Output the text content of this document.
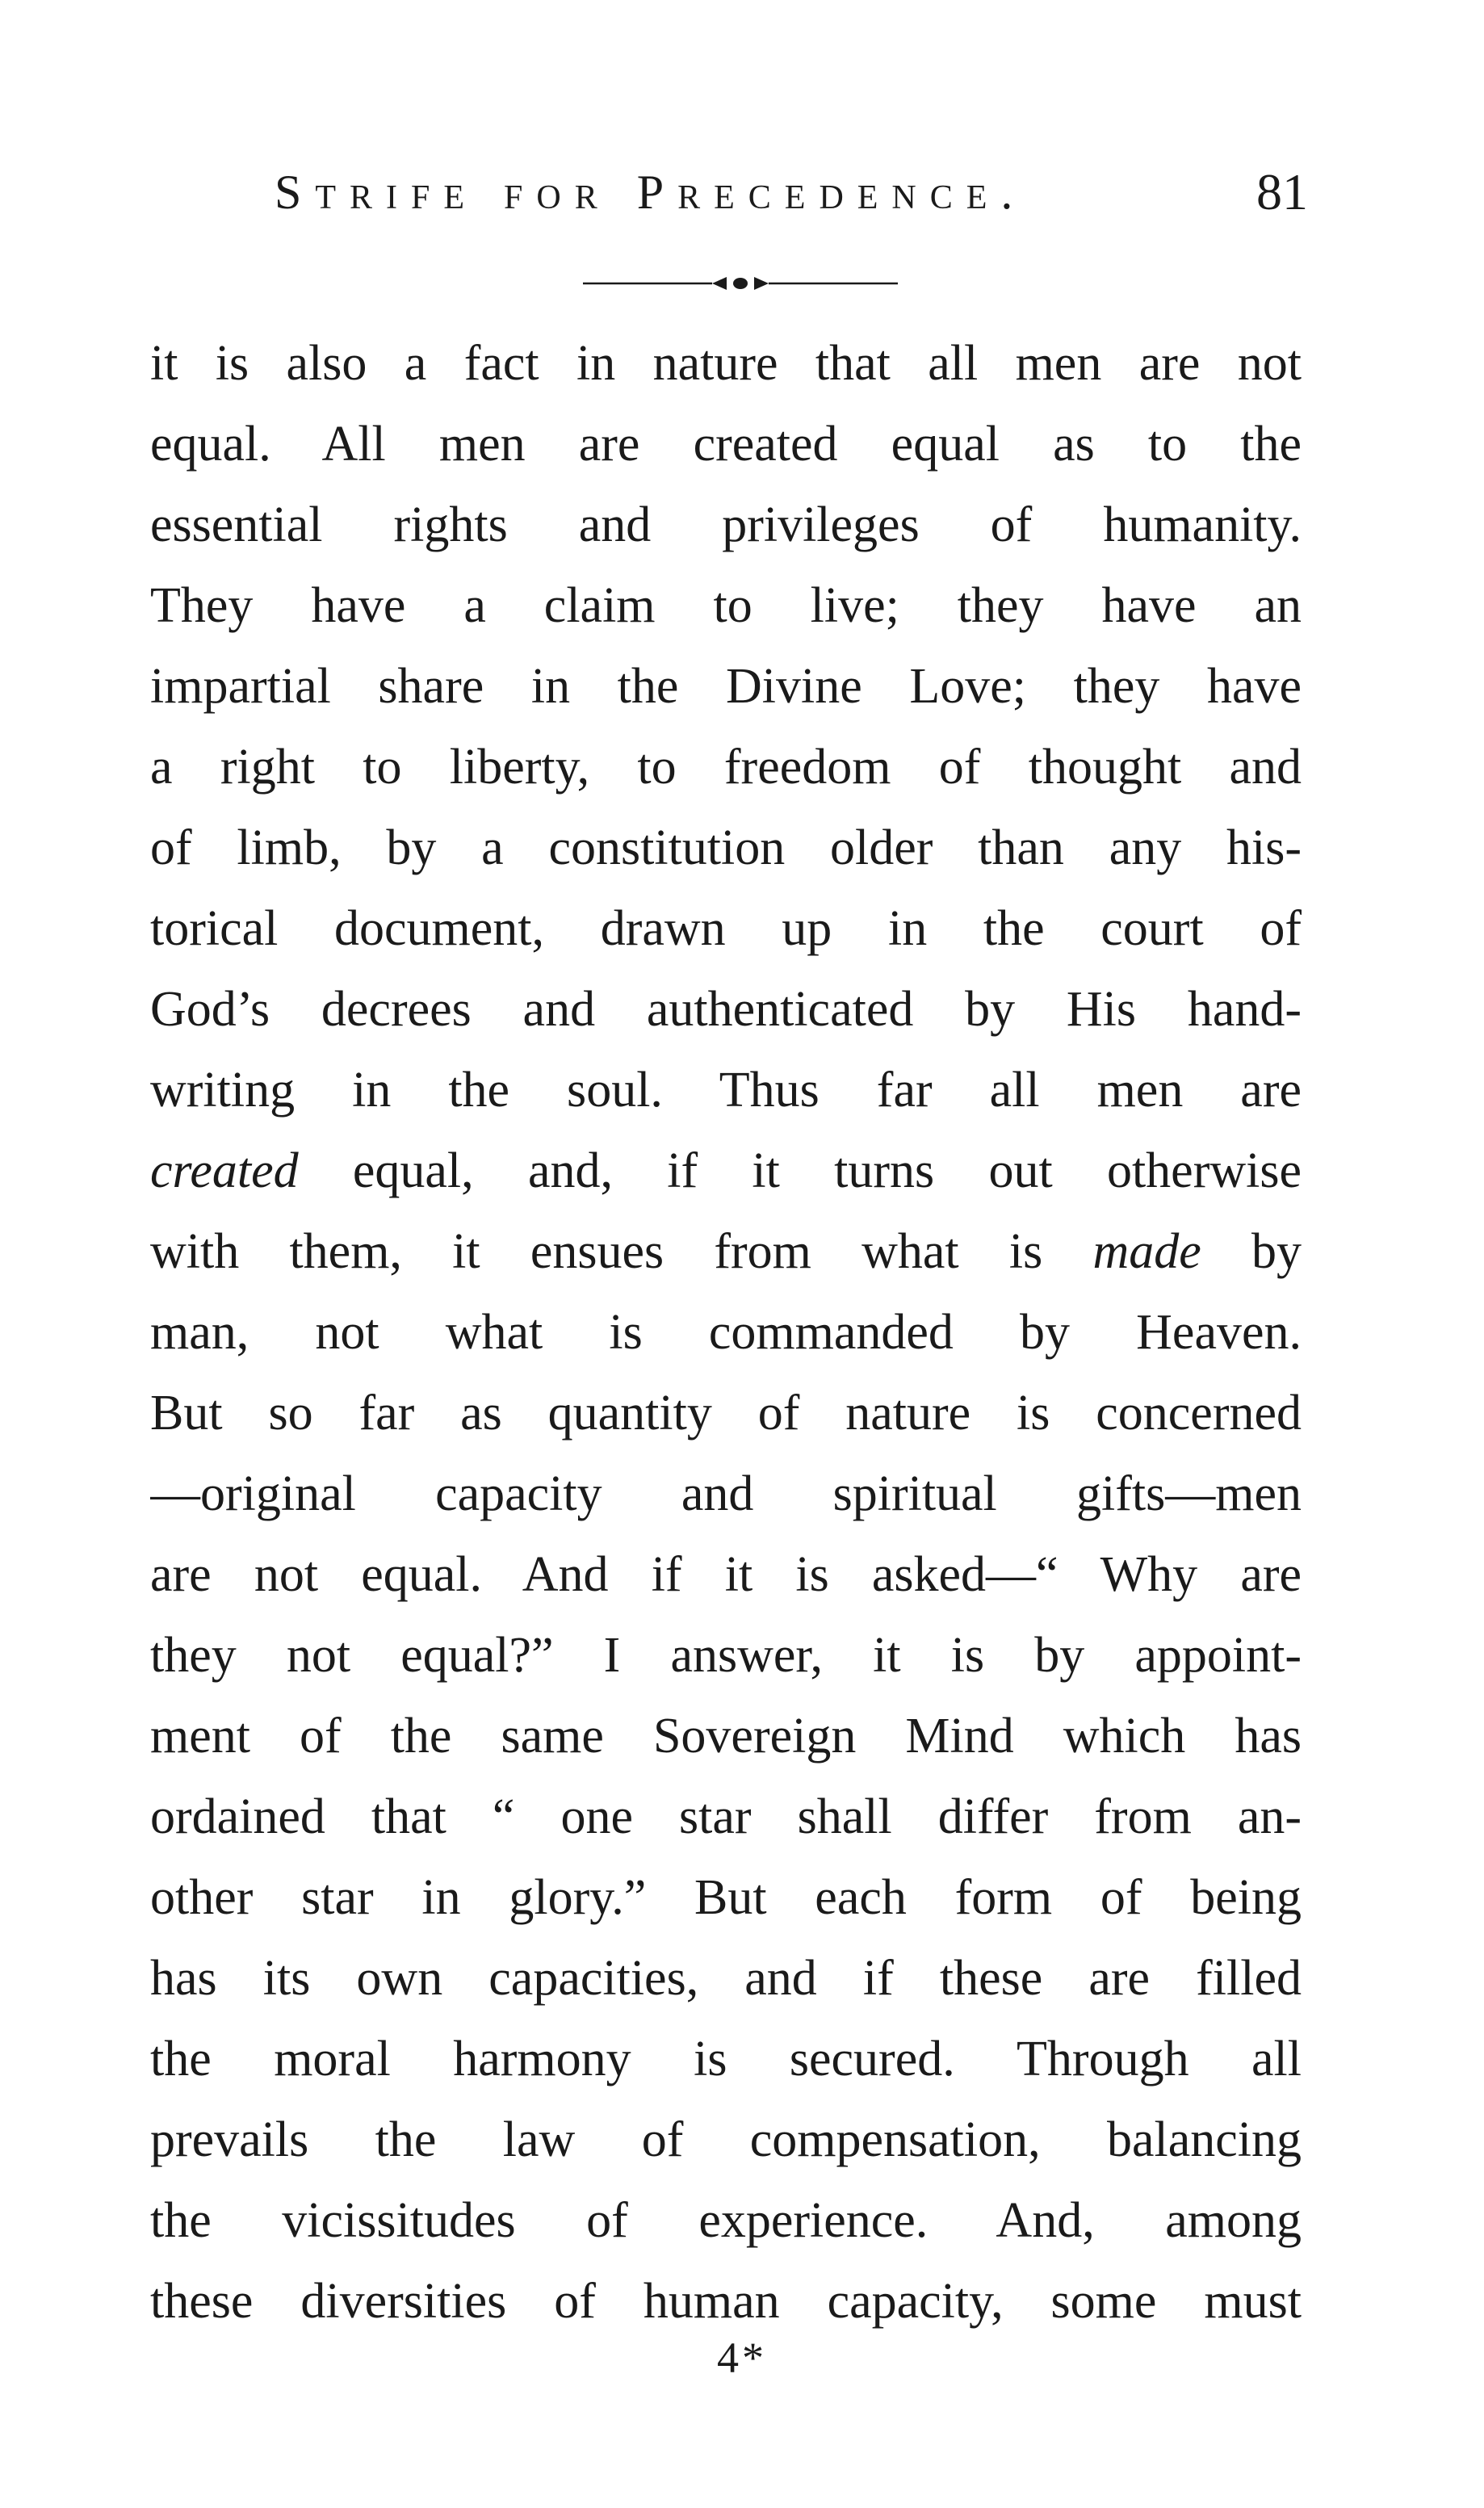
Strife for Precedence.	81
it is also a fact in nature that all men are not
equal. All men are created equal as to the
essential rights and privileges of humanity.
They have a claim to live; they have an
impartial share in the Divine Love; they have
a right to liberty, to freedom of thought and
of limb, by a constitution older than any his-
torical document, drawn up in the court of
God’s decrees and authenticated by His hand-
writing in the soul. Thus far all men are
created equal, and, if it turns out otherwise
with them, it ensues from what is made by
man, not what is commanded by Heaven.
But so far as quantity of nature is concerned
—original capacity and spiritual gifts—men
are not equal. And if it is asked—“ Why are
they not equal?” I answer, it is by appoint-
ment of the same Sovereign Mind which has
ordained that “ one star shall differ from an-
other star in glory.” But each form of being
has its own capacities, and if these are filled
the moral harmony is secured. Through all
prevails the law of compensation, balancing
the vicissitudes of experience. And, among
these diversities of human capacity, some must
4*
